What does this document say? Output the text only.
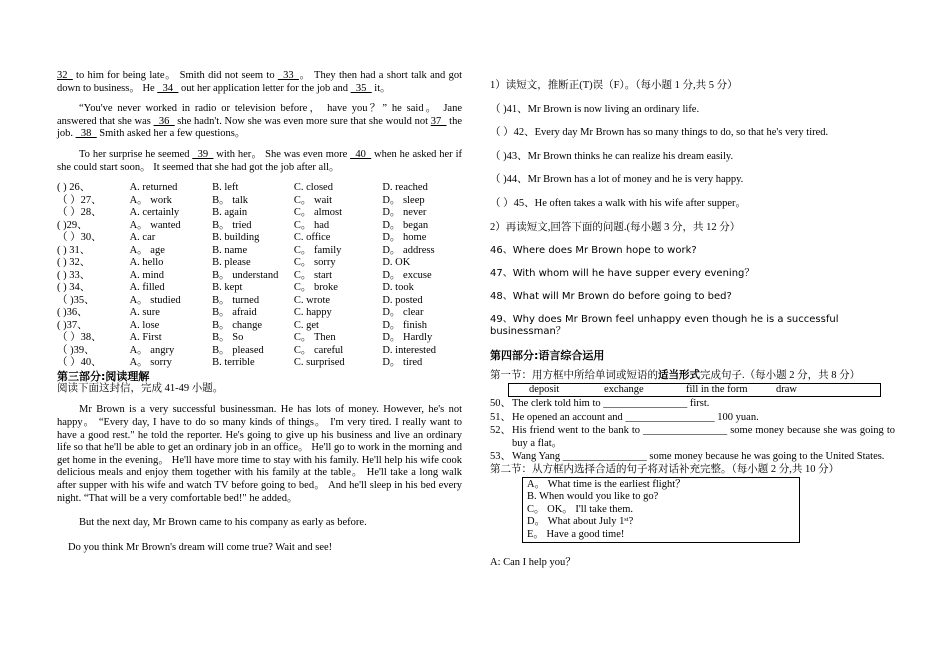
32_ to him for being late。 Smith did not seem to _33_。 They then had a short talk and got down to business。 He _34_ out her application letter for the job and _35_ it。

“You've never worked in radio or television before， have you？” he said。 Jane answered that she was _36_ she hadn't. Now she was even more sure that she would not 37_ the job. _38_ Smith asked her a few questions。

To her surprise he seemed _39_ with her。 She was even more _40_ when he asked her if she could start soon。 It seemed that she had got the job after all。

( ) 26、	A. returned	B. left	C. closed	D. reached
（ ）27、	A。 work	B。 talk	C。 wait	D。 sleep
（ ）28、	A. certainly	B. again	C。 almost	D。 never
( )29、	A。 wanted	B。 tried	C。 had	D。 began
（ ）30、	A. car	B. building	C. office	D。 home
( ) 31、	A。 age	B. name	C。 family	D。 address
( ) 32、	A. hello	B. please	C。 sorry	D. OK
( ) 33、	A. mind	B。 understand	C。 start	D。 excuse
( ) 34、	A. filled	B. kept	C。 broke	D. took
（ )35、	A。 studied	B。 turned	C. wrote	D. posted
( )36、	A. sure	B。 afraid	C. happy	D。 clear
( )37、	A. lose	B。 change	C. get	D。 finish
（ ）38、	A. First	B。 So	C。 Then	D。 Hardly
（ )39、	A。 angry	B。 pleased	C。 careful	D. interested
（ ）40、	A。 sorry	B. terrible	C. surprised	D。 tired
第三部分:阅读理解

阅读下面这封信，完成 41-49 小题。

Mr Brown is a very successful businessman. He has lots of money. However, he's not happy。 “Every day, I have to do so many kinds of things。 I'm very tired. I really want to have a good rest." he told the reporter. He's going to give up his business and live an ordinary life so that he'll be able to get an ordinary job in an office。 He'll go to work in the morning and get home in the evening。 He'll have more time to stay with his family. He'll help his wife cook delicious meals and enjoy them together with his family at the table。 He'll take a long walk after supper with his wife and watch TV before going to bed。 And he'll sleep in his bed every night. “That will be a very comfortable bed!" he added。

But the next day, Mr Brown came to his company as early as before.

Do you think Mr Brown's dream will come true? Wait and see!

1）读短文，推断正(T)误（F）。（每小题 1 分,共 5 分）

（ )41、Mr Brown is now living an ordinary life.

（ ）42、Every day Mr Brown has so many things to do, so that he's very tired.

（ )43、Mr Brown thinks he can realize his dream easily.

（ )44、Mr Brown has a lot of money and he is very happy.

（ ）45、He often takes a walk with his wife after supper。

2）再读短文,回答下面的问题.(每小题 3 分，共 12 分）

46、Where does Mr Brown hope to work?

47、With whom will he have supper every evening？

48、What will Mr Brown do before going to bed?

49、Why does Mr Brown feel unhappy even though he is a successful businessman？

第四部分:语言综合运用

第一节：用方框中所给单词或短语的适当形式完成句子.（每小题 2 分，共 8 分）

deposit	exchange	fill in the form	draw
50、 The clerk told him to ________________ first.
51、 He opened an account and _________________ 100 yuan.
52、 His friend went to the bank to ________________ some money because she was going to buy a flat。
53、 Wang Yang ________________ some money because he was going to the United States.

第二节：从方框内选择合适的句子将对话补充完整。（每小题 2 分,共 10 分）

A。 What time is the earliest flight？
B. When would you like to go?
C。 OK。 I'll take them.
D。 What about July 1ˢᵗ?
E。 Have a good time!

A: Can I help you？
